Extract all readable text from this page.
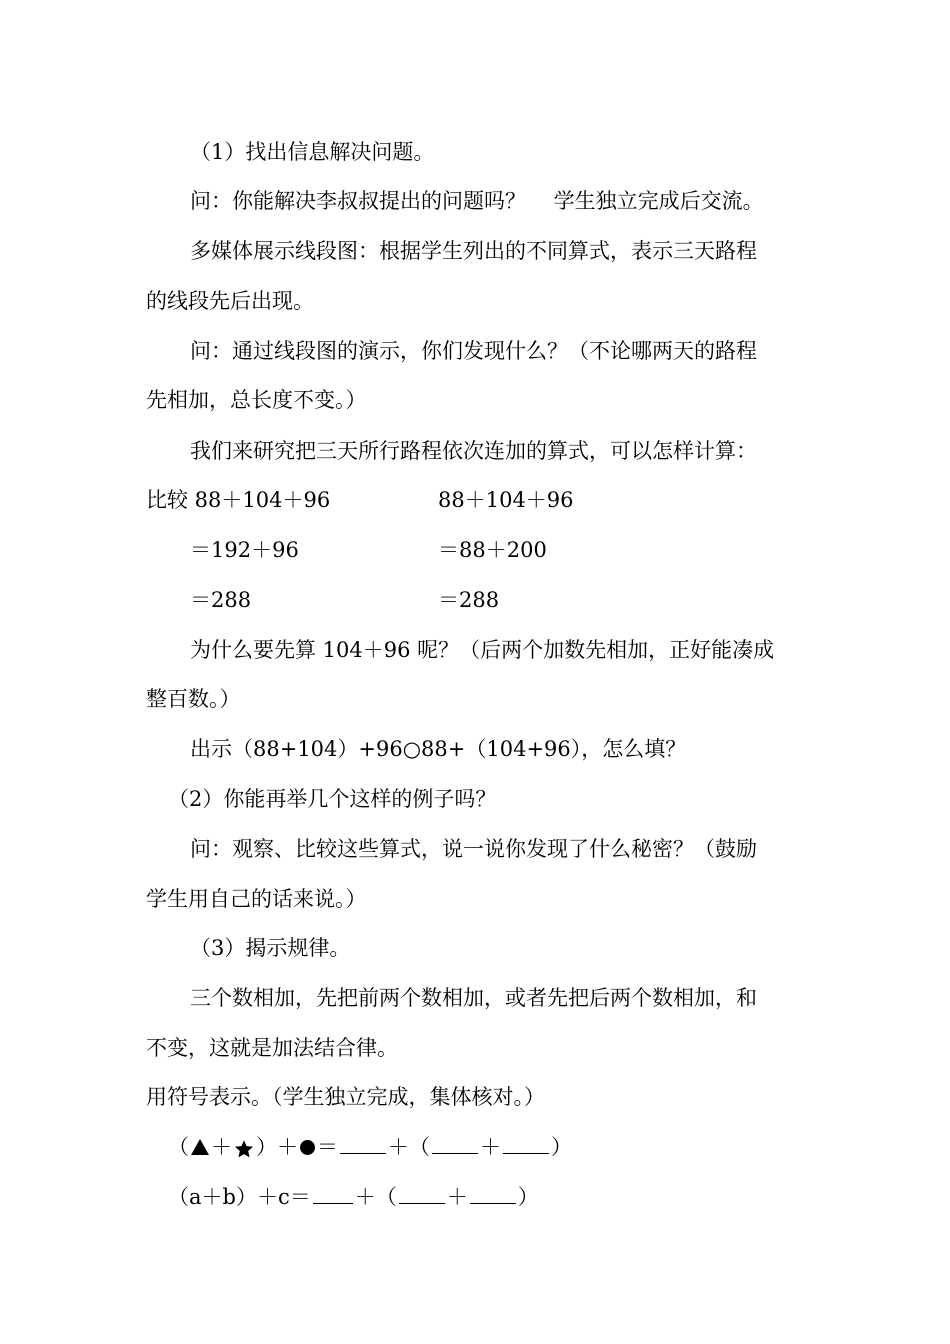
（1）找出信息解决问题。
问：你能解决李叔叔提出的问题吗？　 学生独立完成后交流。
多媒体展示线段图：根据学生列出的不同算式，表示三天路程
的线段先后出现。
问：通过线段图的演示，你们发现什么？（不论哪两天的路程
先相加，总长度不变。）
我们来研究把三天所行路程依次连加的算式，可以怎样计算：
比较 88＋104＋96	88＋104＋96
＝192＋96	＝88＋200
＝288	＝288
为什么要先算 104＋96 呢？（后两个加数先相加，正好能凑成
整百数。）
出示（88+104）+96○88+（104+96），怎么填？
（2）你能再举几个这样的例子吗？
问：观察、比较这些算式，说一说你发现了什么秘密？（鼓励
学生用自己的话来说。）
（3）揭示规律。
三个数相加，先把前两个数相加，或者先把后两个数相加，和
不变，这就是加法结合律。
用符号表示。（学生独立完成，集体核对。）
（ ＋ ）＋ ＝ ＋（ ＋ ）
（a＋b）＋c＝ ＋（ ＋ ）
